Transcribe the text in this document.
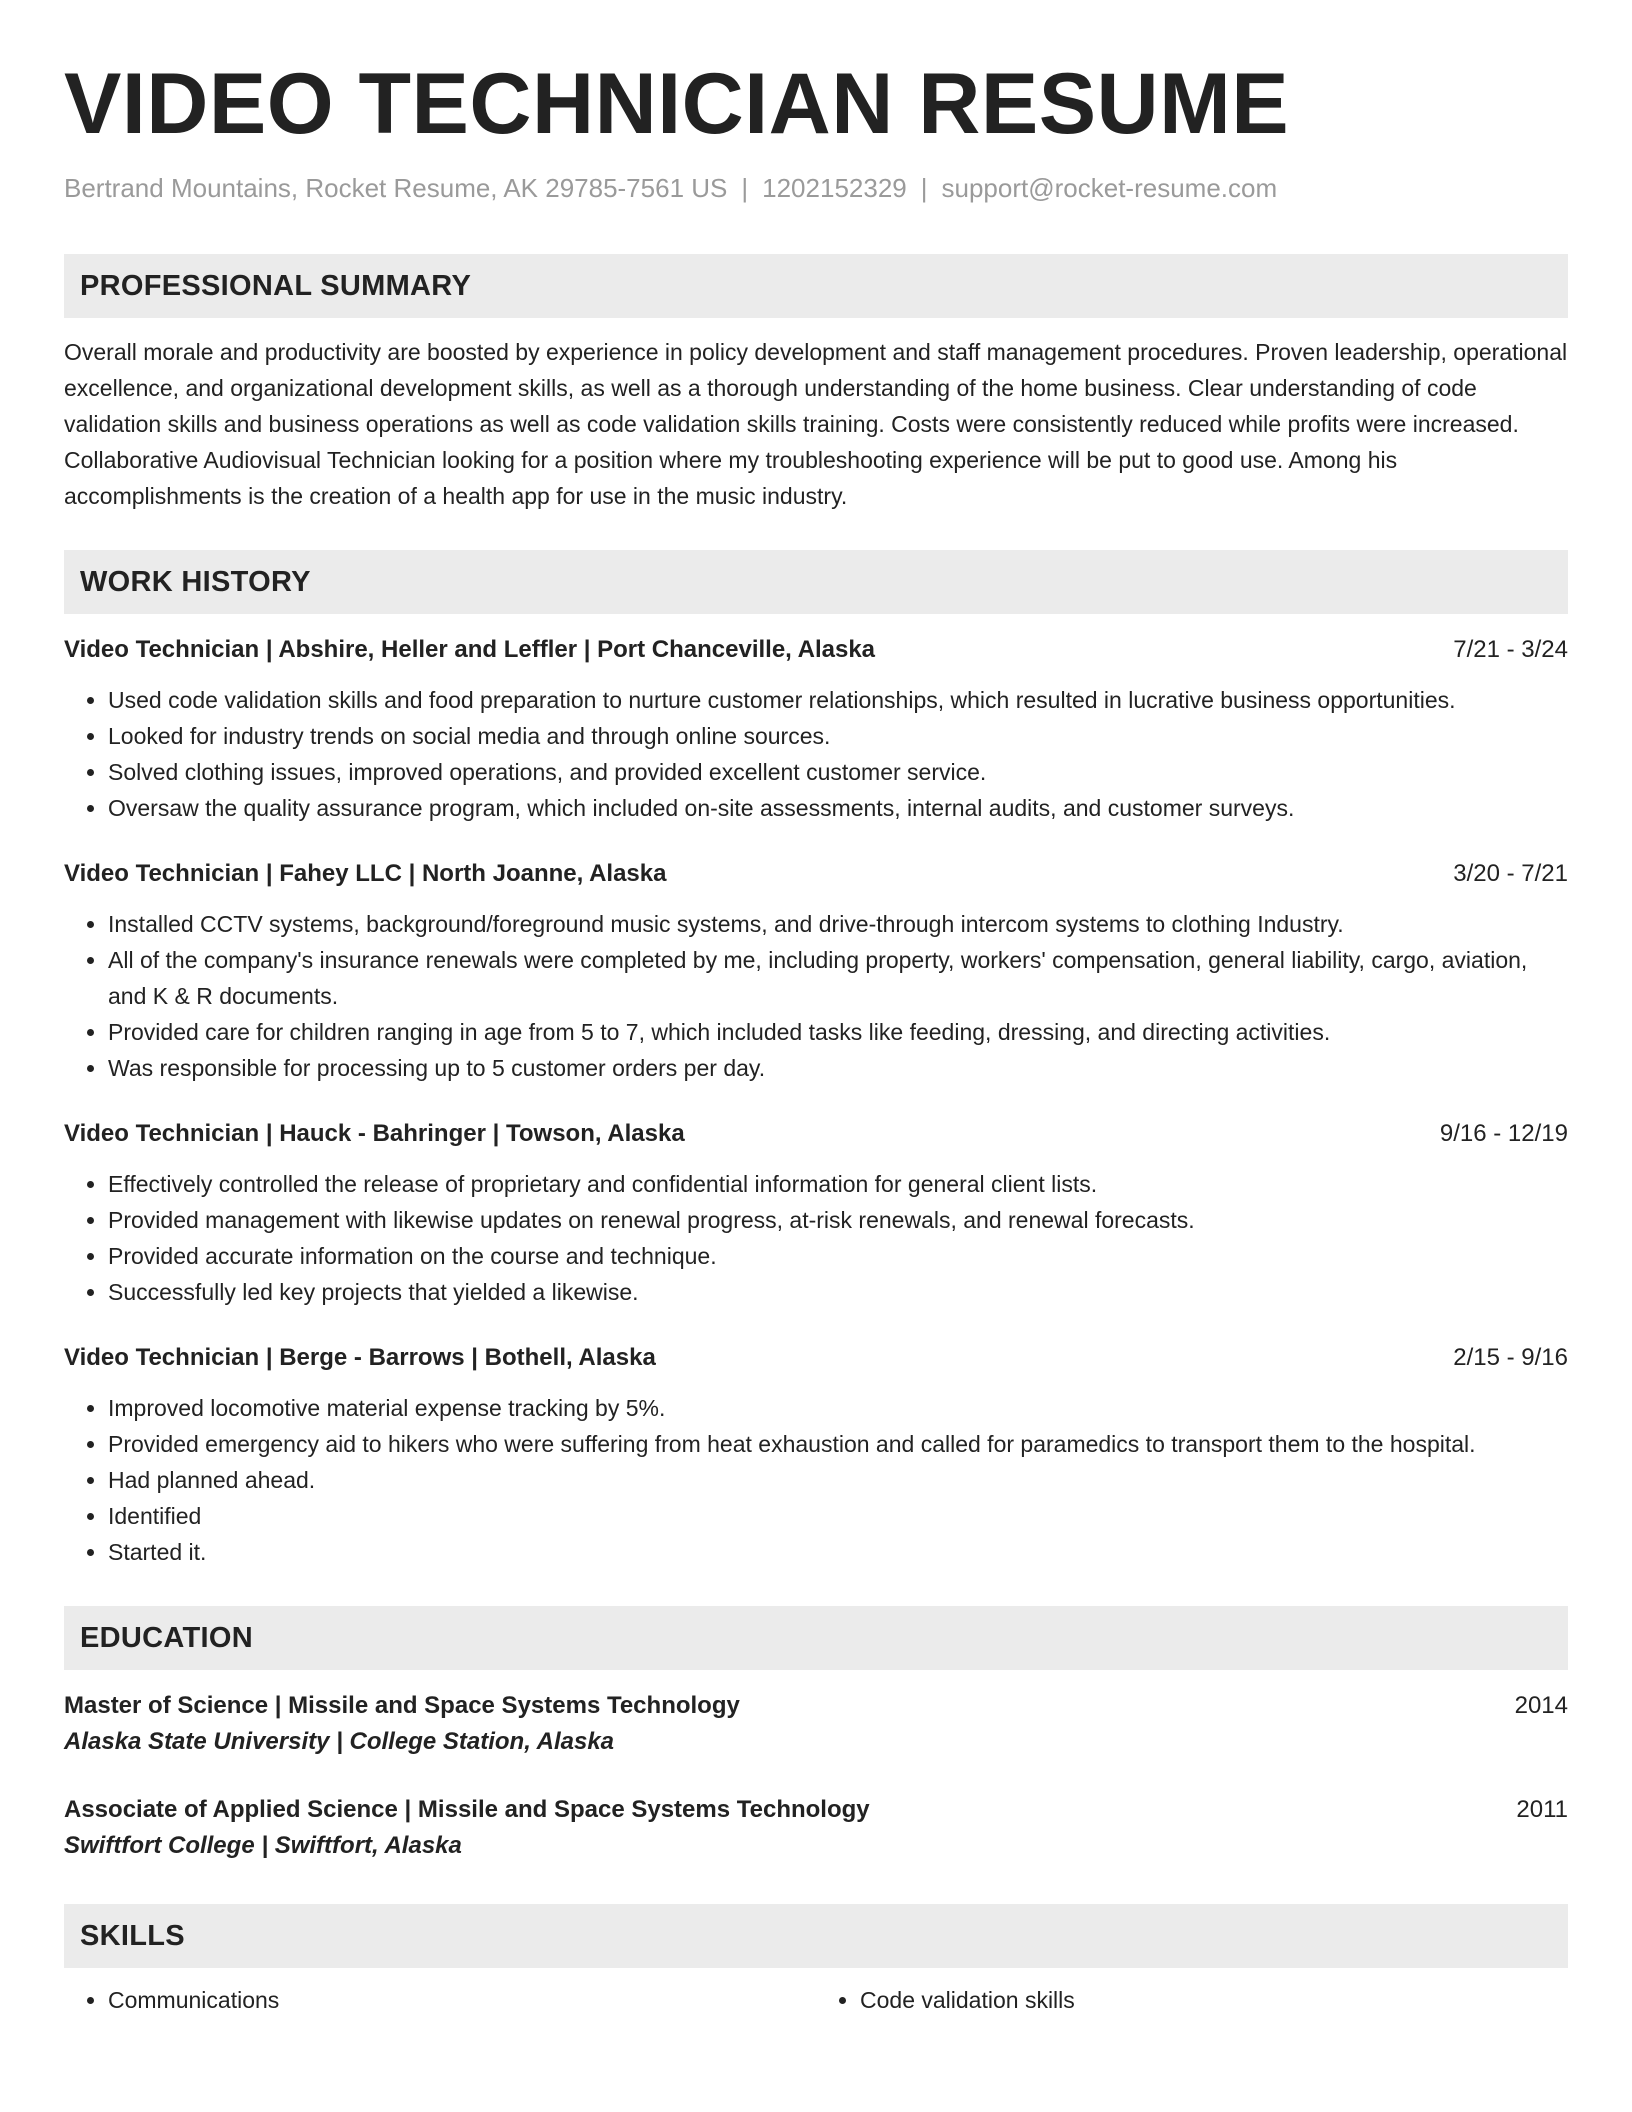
VIDEO TECHNICIAN RESUME
Bertrand Mountains, Rocket Resume, AK 29785-7561 US | 1202152329 | support@rocket-resume.com
PROFESSIONAL SUMMARY

Overall morale and productivity are boosted by experience in policy development and staff management procedures. Proven leadership, operational excellence, and organizational development skills, as well as a thorough understanding of the home business. Clear understanding of code validation skills and business operations as well as code validation skills training. Costs were consistently reduced while profits were increased. Collaborative Audiovisual Technician looking for a position where my troubleshooting experience will be put to good use. Among his accomplishments is the creation of a health app for use in the music industry.

WORK HISTORY
Video Technician | Abshire, Heller and Leffler | Port Chanceville, Alaska	7/21 - 3/24
• Used code validation skills and food preparation to nurture customer relationships, which resulted in lucrative business opportunities.
• Looked for industry trends on social media and through online sources.
• Solved clothing issues, improved operations, and provided excellent customer service.
• Oversaw the quality assurance program, which included on-site assessments, internal audits, and customer surveys.
Video Technician | Fahey LLC | North Joanne, Alaska	3/20 - 7/21
• Installed CCTV systems, background/foreground music systems, and drive-through intercom systems to clothing Industry.
• All of the company's insurance renewals were completed by me, including property, workers' compensation, general liability, cargo, aviation, and K & R documents.
• Provided care for children ranging in age from 5 to 7, which included tasks like feeding, dressing, and directing activities.
• Was responsible for processing up to 5 customer orders per day.
Video Technician | Hauck - Bahringer | Towson, Alaska	9/16 - 12/19
• Effectively controlled the release of proprietary and confidential information for general client lists.
• Provided management with likewise updates on renewal progress, at-risk renewals, and renewal forecasts.
• Provided accurate information on the course and technique.
• Successfully led key projects that yielded a likewise.
Video Technician | Berge - Barrows | Bothell, Alaska	2/15 - 9/16
• Improved locomotive material expense tracking by 5%.
• Provided emergency aid to hikers who were suffering from heat exhaustion and called for paramedics to transport them to the hospital.
• Had planned ahead.
• Identified
• Started it.
EDUCATION
Master of Science | Missile and Space Systems Technology	2014
Alaska State University | College Station, Alaska
Associate of Applied Science | Missile and Space Systems Technology	2011
Swiftfort College | Swiftfort, Alaska
SKILLS
• Communications
•	Code validation skills
